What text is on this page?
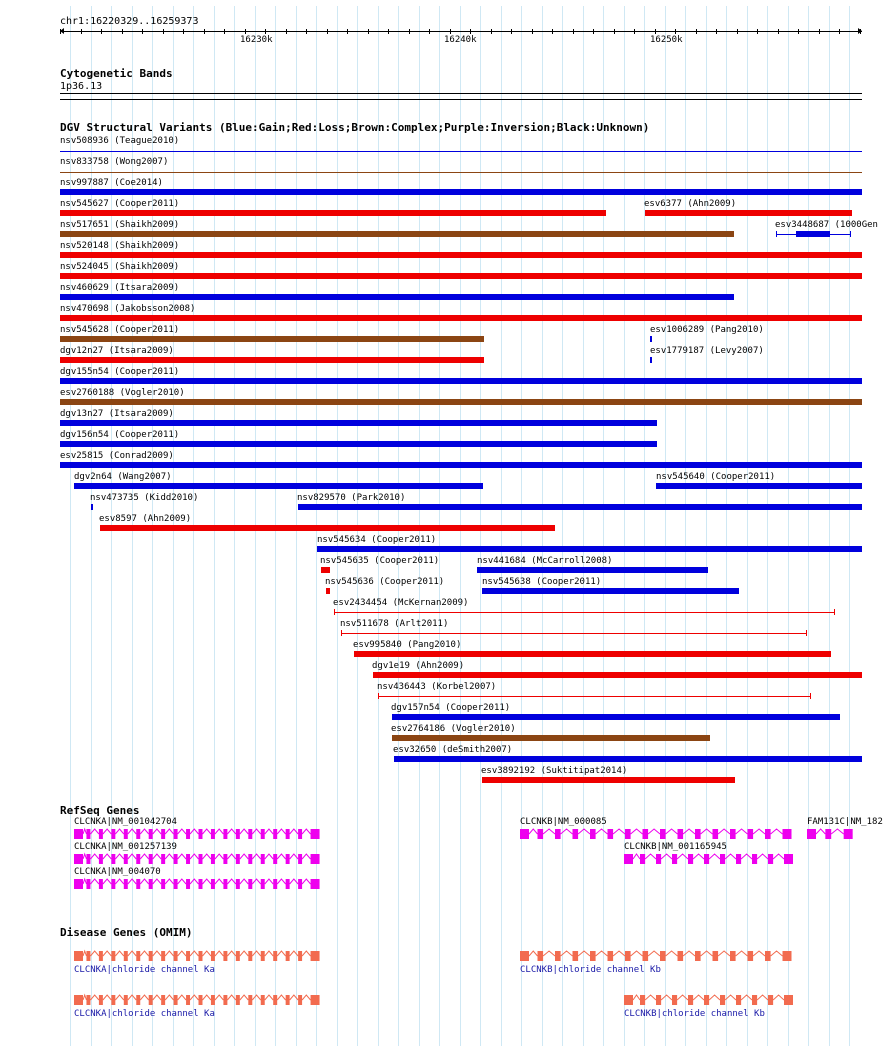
chr1:16220329..16259373
16230k	16240k	16250k
Cytogenetic Bands
1p36.13
DGV Structural Variants (Blue:Gain;Red:Loss;Brown:Complex;Purple:Inversion;Black:Unknown)
nsv508936 (Teague2010)
nsv833758 (Wong2007)
nsv997887 (Coe2014)
nsv545627 (Cooper2011)	esv6377 (Ahn2009)
nsv517651 (Shaikh2009)	esv3448687 (1000Gen
nsv520148 (Shaikh2009)
nsv524045 (Shaikh2009)
nsv460629 (Itsara2009)
nsv470698 (Jakobsson2008)
nsv545628 (Cooper2011)	esv1006289 (Pang2010)
dgv12n27 (Itsara2009)	esv1779187 (Levy2007)
dgv155n54 (Cooper2011)
esv2760188 (Vogler2010)
dgv13n27 (Itsara2009)
dgv156n54 (Cooper2011)
esv25815 (Conrad2009)
dgv2n64 (Wang2007)	nsv545640 (Cooper2011)
nsv473735 (Kidd2010)	nsv829570 (Park2010)
esv8597 (Ahn2009)
nsv545634 (Cooper2011)
nsv545635 (Cooper2011)	nsv441684 (McCarroll2008)
nsv545636 (Cooper2011)	nsv545638 (Cooper2011)
esv2434454 (McKernan2009)
nsv511678 (Arlt2011)
esv995840 (Pang2010)
dgv1e19 (Ahn2009)
nsv436443 (Korbel2007)
dgv157n54 (Cooper2011)
esv2764186 (Vogler2010)
esv32650 (deSmith2007)
esv3892192 (Suktitipat2014)
RefSeq Genes
CLCNKA|NM_001042704
CLCNKA|NM_001257139
CLCNKA|NM_004070
CLCNKB|NM_000085
CLCNKB|NM_001165945
FAM131C|NM_182
Disease Genes (OMIM)
CLCNKA|chloride channel Ka	CLCNKB|chloride channel Kb
CLCNKA|chloride channel Ka	CLCNKB|chloride channel Kb
